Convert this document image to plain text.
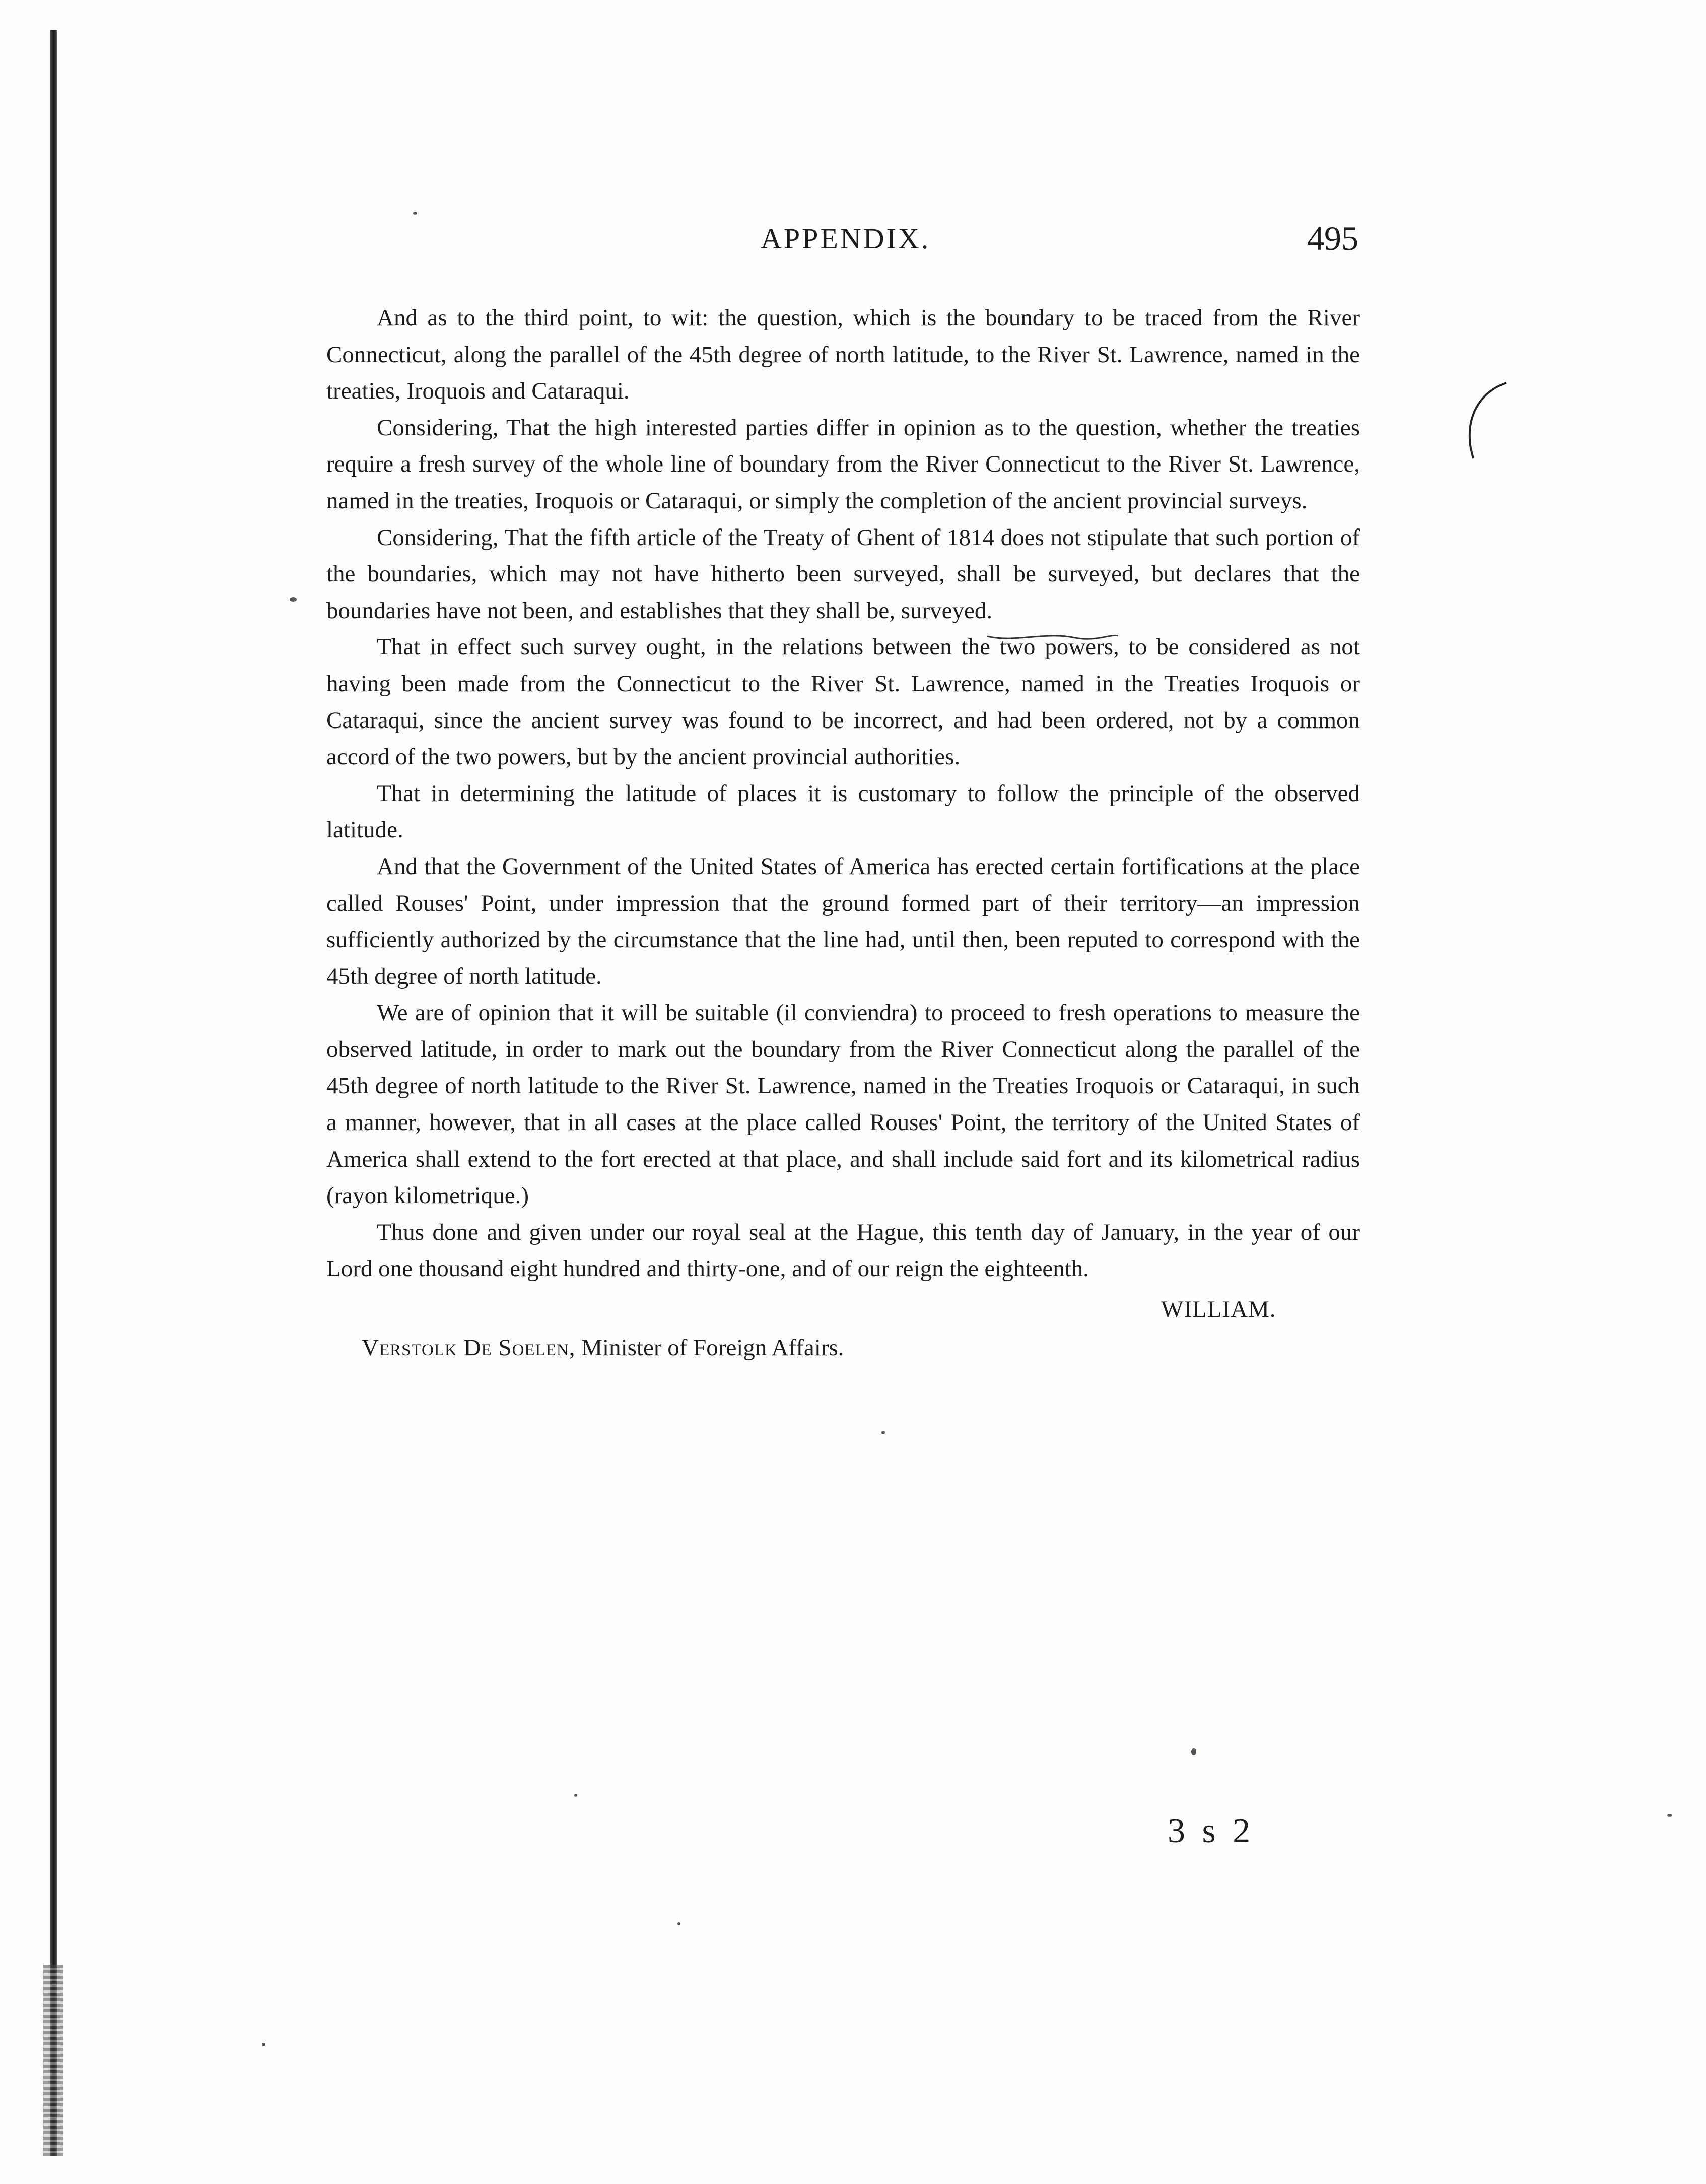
APPENDIX.	495

And as to the third point, to wit: the question, which is the boundary to be traced from the River Connecticut, along the parallel of the 45th degree of north latitude, to the River St. Lawrence, named in the treaties, Iroquois and Cataraqui.

Considering, That the high interested parties differ in opinion as to the question, whether the treaties require a fresh survey of the whole line of boundary from the River Connecticut to the River St. Lawrence, named in the treaties, Iroquois or Cataraqui, or simply the completion of the ancient provincial surveys.

Considering, That the fifth article of the Treaty of Ghent of 1814 does not stipulate that such portion of the boundaries, which may not have hitherto been surveyed, shall be surveyed, but declares that the boundaries have not been, and establishes that they shall be, surveyed.

That in effect such survey ought, in the relations between the two powers, to be considered as not having been made from the Connecticut to the River St. Lawrence, named in the Treaties Iroquois or Cataraqui, since the ancient survey was found to be incorrect, and had been ordered, not by a common accord of the two powers, but by the ancient provincial authorities.

That in determining the latitude of places it is customary to follow the principle of the observed latitude.

And that the Government of the United States of America has erected certain fortifications at the place called Rouses' Point, under impression that the ground formed part of their territory—an impression sufficiently authorized by the circumstance that the line had, until then, been reputed to correspond with the 45th degree of north latitude.

We are of opinion that it will be suitable (il conviendra) to proceed to fresh operations to measure the observed latitude, in order to mark out the boundary from the River Connecticut along the parallel of the 45th degree of north latitude to the River St. Lawrence, named in the Treaties Iroquois or Cataraqui, in such a manner, however, that in all cases at the place called Rouses' Point, the territory of the United States of America shall extend to the fort erected at that place, and shall include said fort and its kilometrical radius (rayon kilometrique.)

Thus done and given under our royal seal at the Hague, this tenth day of January, in the year of our Lord one thousand eight hundred and thirty-one, and of our reign the eighteenth.

WILLIAM.
Verstolk De Soelen, Minister of Foreign Affairs.
3 s 2
